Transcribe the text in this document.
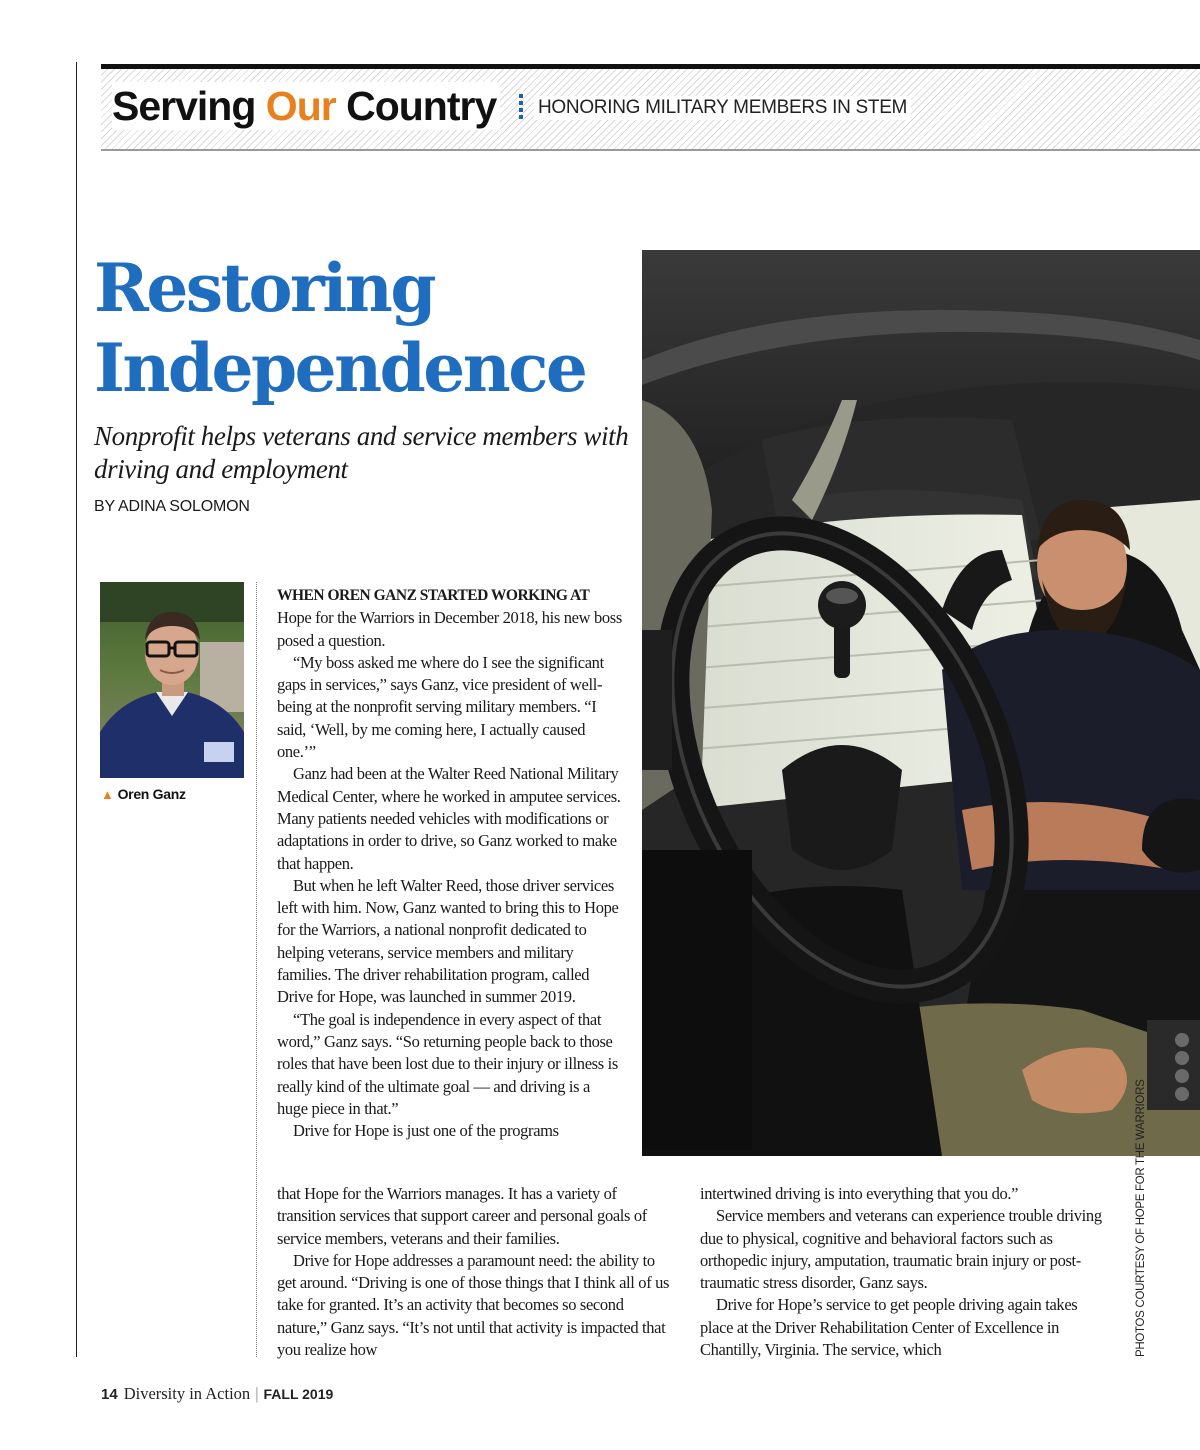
Serving Our Country HONORING MILITARY MEMBERS IN STEM
Restoring
Independence
Nonprofit helps veterans and service members with driving and employment
BY ADINA SOLOMON
▲ Oren Ganz

WHEN OREN GANZ STARTED WORKING AT Hope for the Warriors in December 2018, his new boss posed a question.

“My boss asked me where do I see the significant gaps in services,” says Ganz, vice president of well-being at the nonprofit serving military members. “I said, ‘Well, by me coming here, I actually caused one.’”

Ganz had been at the Walter Reed National Military Medical Center, where he worked in amputee services. Many patients needed vehicles with modifications or adaptations in order to drive, so Ganz worked to make that happen.

But when he left Walter Reed, those driver services left with him. Now, Ganz wanted to bring this to Hope for the Warriors, a national nonprofit dedicated to helping veterans, service members and military families. The driver rehabilitation program, called Drive for Hope, was launched in summer 2019.

“The goal is independence in every aspect of that word,” Ganz says. “So returning people back to those roles that have been lost due to their injury or illness is really kind of the ultimate goal — and driving is a huge piece in that.”

Drive for Hope is just one of the programs

that Hope for the Warriors manages. It has a variety of transition services that support career and personal goals of service members, veterans and their families.

Drive for Hope addresses a paramount need: the ability to get around. “Driving is one of those things that I think all of us take for granted. It’s an activity that becomes so second nature,” Ganz says. “It’s not until that activity is impacted that you realize how

intertwined driving is into everything that you do.”

Service members and veterans can experience trouble driving due to physical, cognitive and behavioral factors such as orthopedic injury, amputation, traumatic brain injury or post-traumatic stress disorder, Ganz says.

Drive for Hope’s service to get people driving again takes place at the Driver Rehabilitation Center of Excellence in Chantilly, Virginia. The service, which	PHOTOS COURTESY OF HOPE FOR THE WARRIORS
14 Diversity in Action | FALL 2019
